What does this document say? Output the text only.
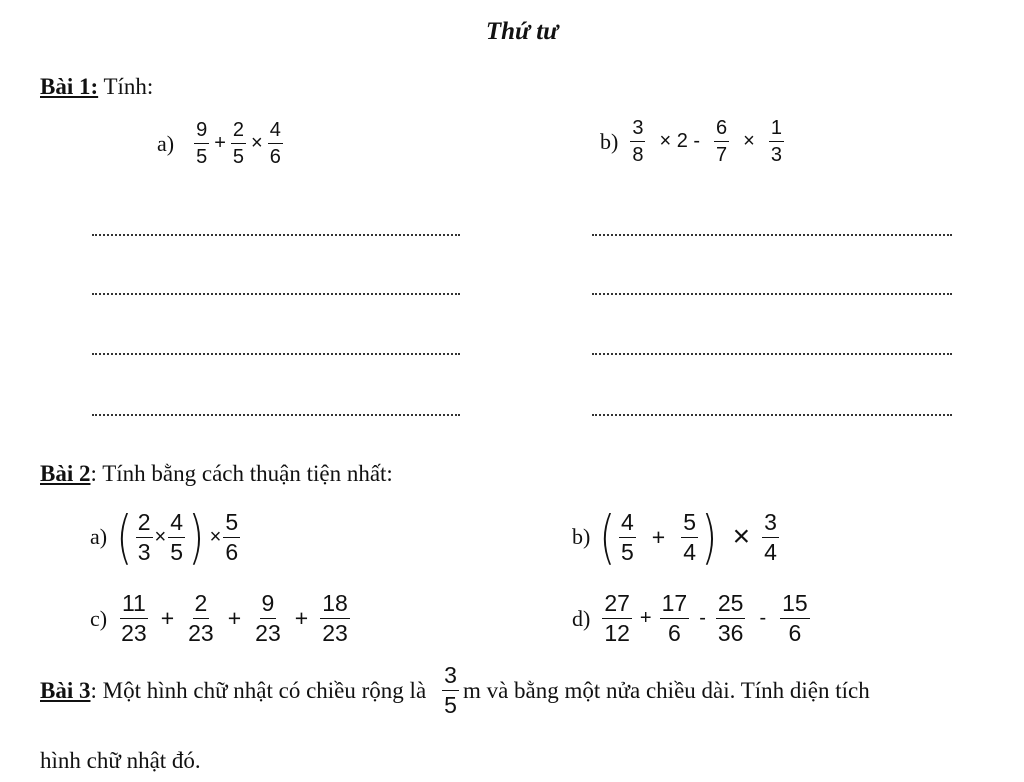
Thứ tư
Bài 1: Tính:
$a) \frac{9}{5} + \frac{2}{5} \times \frac{4}{6}$	$b) \frac{3}{8} \times 2 - \frac{6}{7} \times \frac{1}{3}$
Bài 2: Tính bằng cách thuận tiện nhất:
a) ( $\frac{2}{3} \times \frac{4}{5}$ ) × $\frac{5}{6}$	b) ( $\frac{4}{5} + \frac{5}{4}$ ) × $\frac{3}{4}$
$c) \frac{11}{23} + \frac{2}{23} + \frac{9}{23} + \frac{18}{23}$	$d) \frac{27}{12} + \frac{17}{6} - \frac{25}{36} - \frac{15}{6}$
Bài 3 : Một hình chữ nhật có chiều rộng là $\frac{3}{5}$ m và bằng một nửa chiều dài. Tính diện tích
hình chữ nhật đó.
